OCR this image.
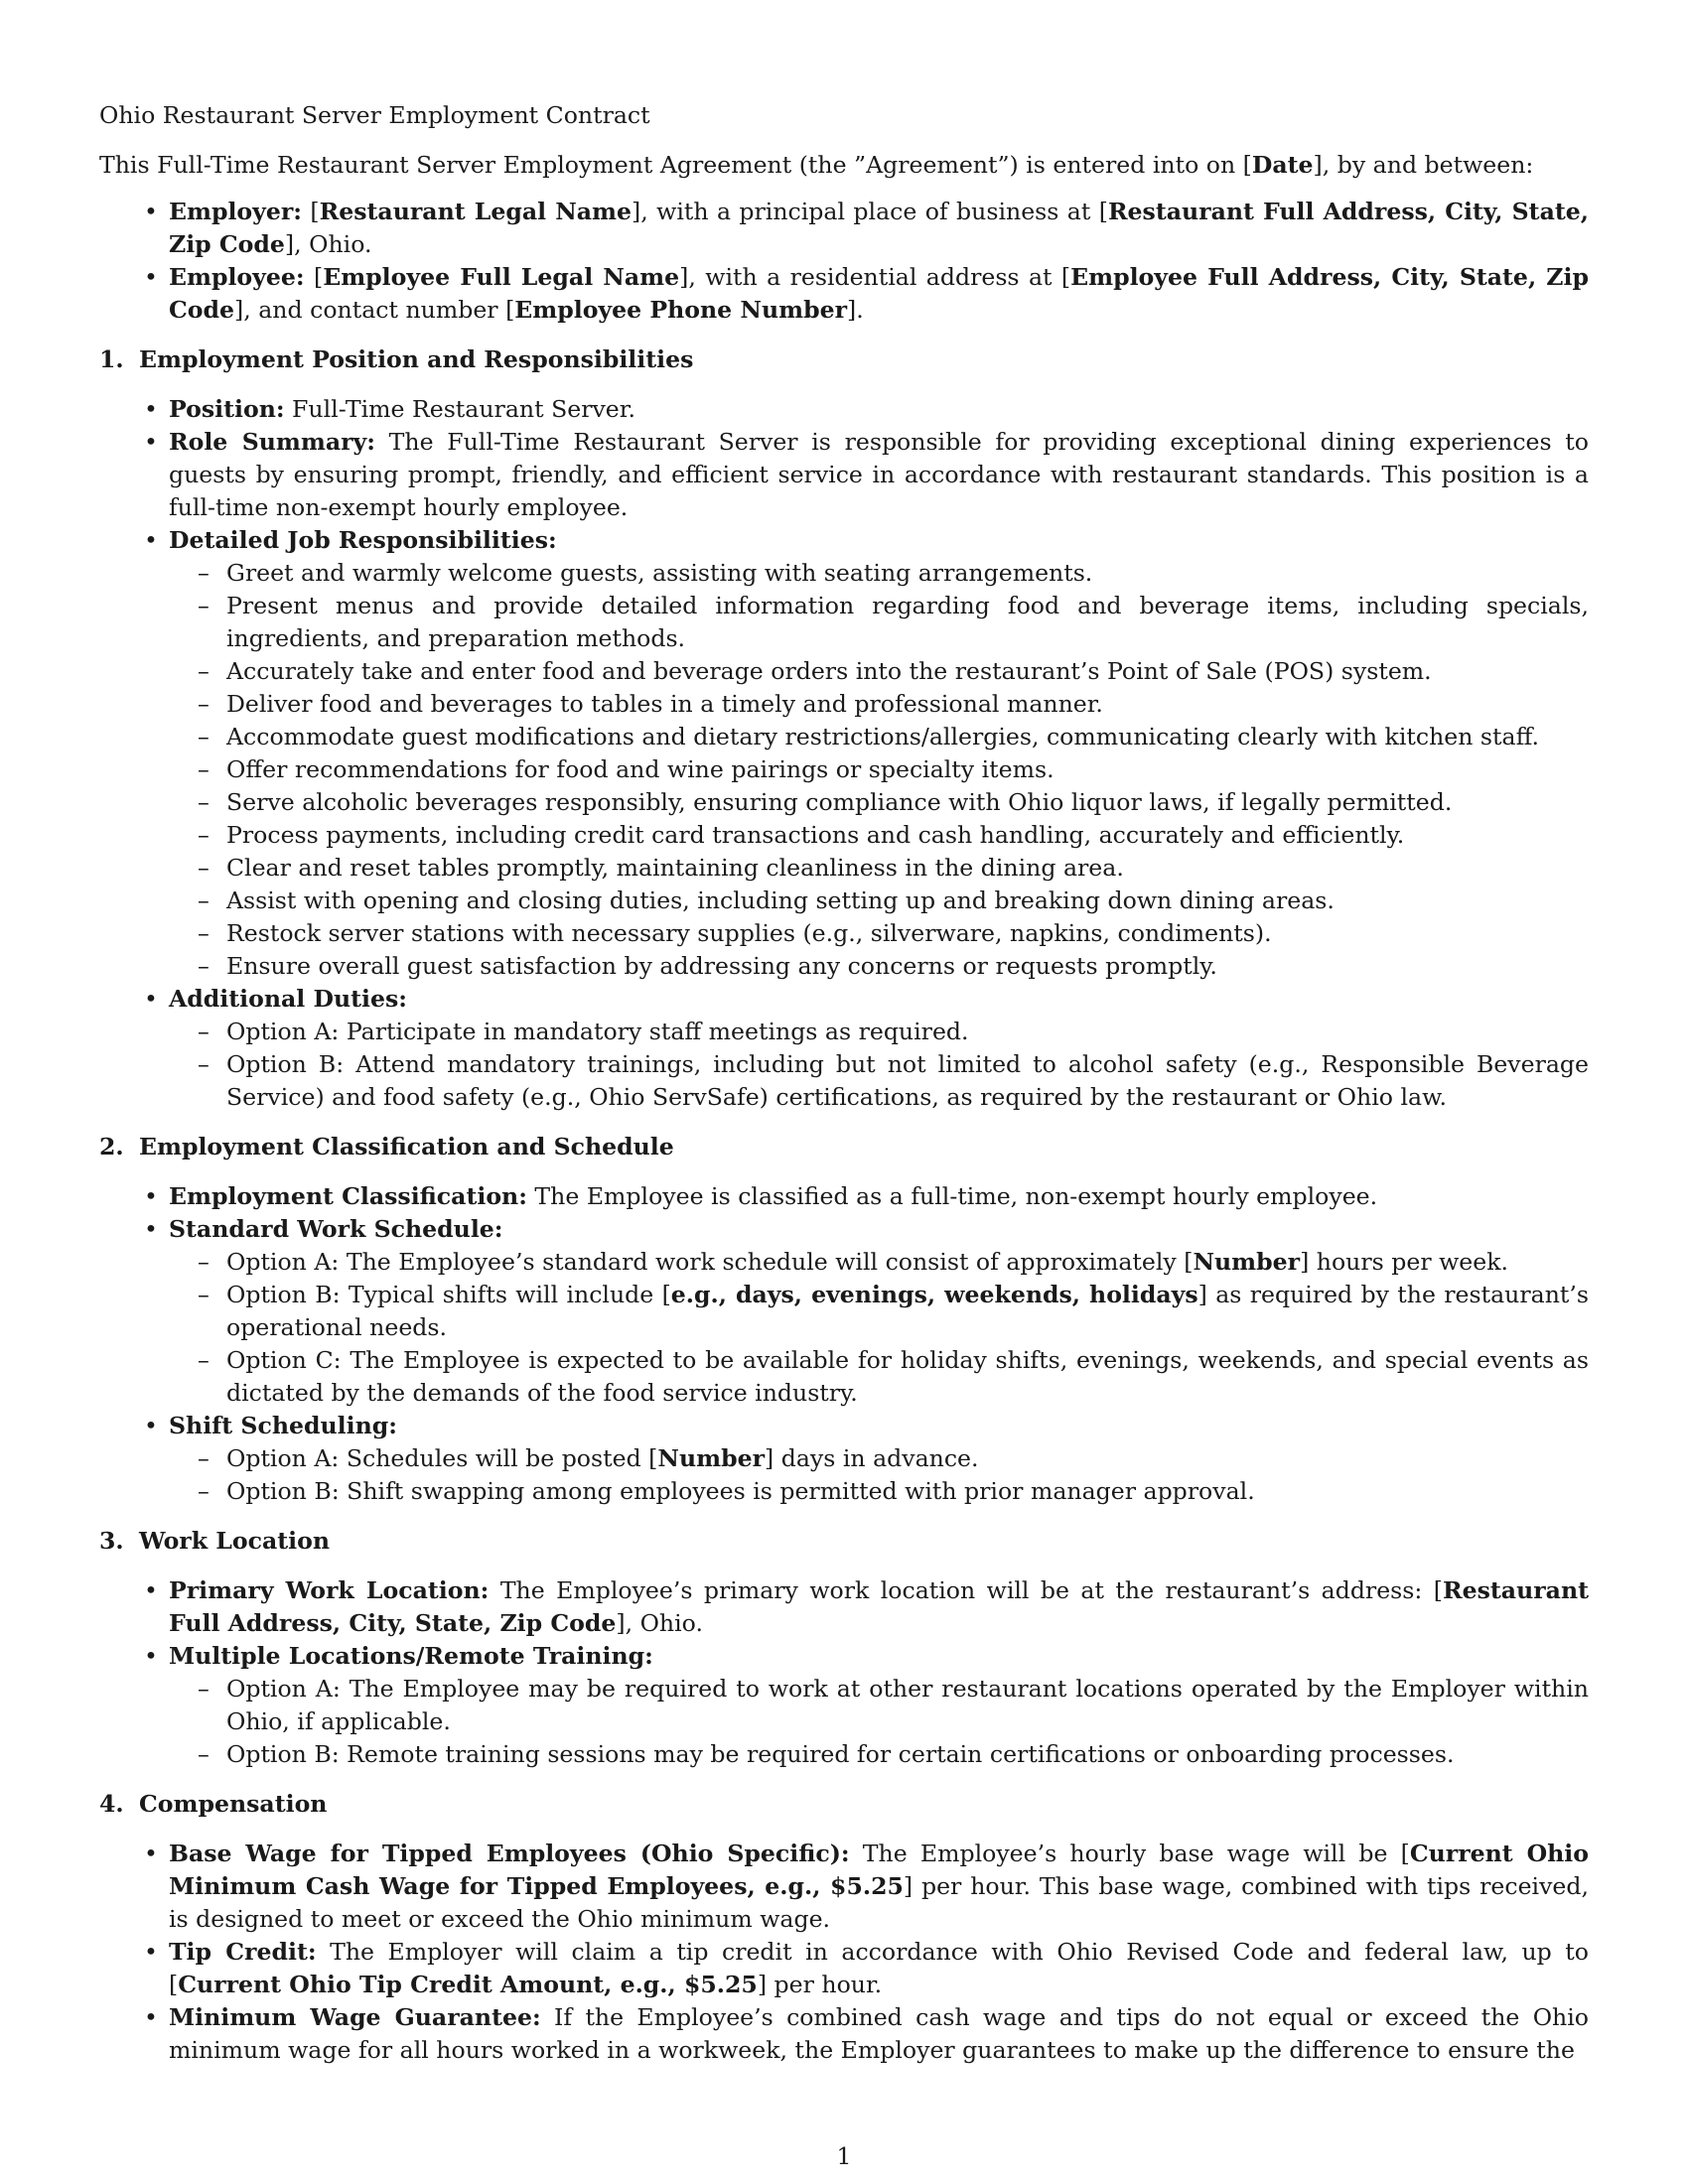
Ohio Restaurant Server Employment Contract

This Full-Time Restaurant Server Employment Agreement (the ”Agreement”) is entered into on [Date], by and between:

• Employer: [Restaurant Legal Name], with a principal place of business at [Restaurant Full Address, City, State, Zip Code], Ohio.
• Employee: [Employee Full Legal Name], with a residential address at [Employee Full Address, City, State, Zip Code], and contact number [Employee Phone Number].
1. Employment Position and Responsibilities
• Position: Full-Time Restaurant Server.
• Role Summary: The Full-Time Restaurant Server is responsible for providing exceptional dining experiences to guests by ensuring prompt, friendly, and efficient service in accordance with restaurant standards. This position is a full-time non-exempt hourly employee.
• Detailed Job Responsibilities:
– Greet and warmly welcome guests, assisting with seating arrangements.
– Present menus and provide detailed information regarding food and beverage items, including specials, ingredients, and preparation methods.
– Accurately take and enter food and beverage orders into the restaurant’s Point of Sale (POS) system.
– Deliver food and beverages to tables in a timely and professional manner.
– Accommodate guest modifications and dietary restrictions/allergies, communicating clearly with kitchen staff.
– Offer recommendations for food and wine pairings or specialty items.
– Serve alcoholic beverages responsibly, ensuring compliance with Ohio liquor laws, if legally permitted.
– Process payments, including credit card transactions and cash handling, accurately and efficiently.
– Clear and reset tables promptly, maintaining cleanliness in the dining area.
– Assist with opening and closing duties, including setting up and breaking down dining areas.
– Restock server stations with necessary supplies (e.g., silverware, napkins, condiments).
– Ensure overall guest satisfaction by addressing any concerns or requests promptly.
• Additional Duties:
– Option A: Participate in mandatory staff meetings as required.
– Option B: Attend mandatory trainings, including but not limited to alcohol safety (e.g., Responsible Beverage Service) and food safety (e.g., Ohio ServSafe) certifications, as required by the restaurant or Ohio law.
2. Employment Classification and Schedule
• Employment Classification: The Employee is classified as a full-time, non-exempt hourly employee.
• Standard Work Schedule:
– Option A: The Employee’s standard work schedule will consist of approximately [Number] hours per week.
– Option B: Typical shifts will include [e.g., days, evenings, weekends, holidays] as required by the restaurant’s operational needs.
– Option C: The Employee is expected to be available for holiday shifts, evenings, weekends, and special events as dictated by the demands of the food service industry.
• Shift Scheduling:
– Option A: Schedules will be posted [Number] days in advance.
– Option B: Shift swapping among employees is permitted with prior manager approval.
3. Work Location
• Primary Work Location: The Employee’s primary work location will be at the restaurant’s address: [Restaurant Full Address, City, State, Zip Code], Ohio.
• Multiple Locations/Remote Training:
– Option A: The Employee may be required to work at other restaurant locations operated by the Employer within Ohio, if applicable.
– Option B: Remote training sessions may be required for certain certifications or onboarding processes.
4. Compensation
• Base Wage for Tipped Employees (Ohio Specific): The Employee’s hourly base wage will be [Current Ohio Minimum Cash Wage for Tipped Employees, e.g., $5.25] per hour. This base wage, combined with tips received, is designed to meet or exceed the Ohio minimum wage.
• Tip Credit: The Employer will claim a tip credit in accordance with Ohio Revised Code and federal law, up to [Current Ohio Tip Credit Amount, e.g., $5.25] per hour.
• Minimum Wage Guarantee: If the Employee’s combined cash wage and tips do not equal or exceed the Ohio minimum wage for all hours worked in a workweek, the Employer guarantees to make up the difference to ensure the
1
